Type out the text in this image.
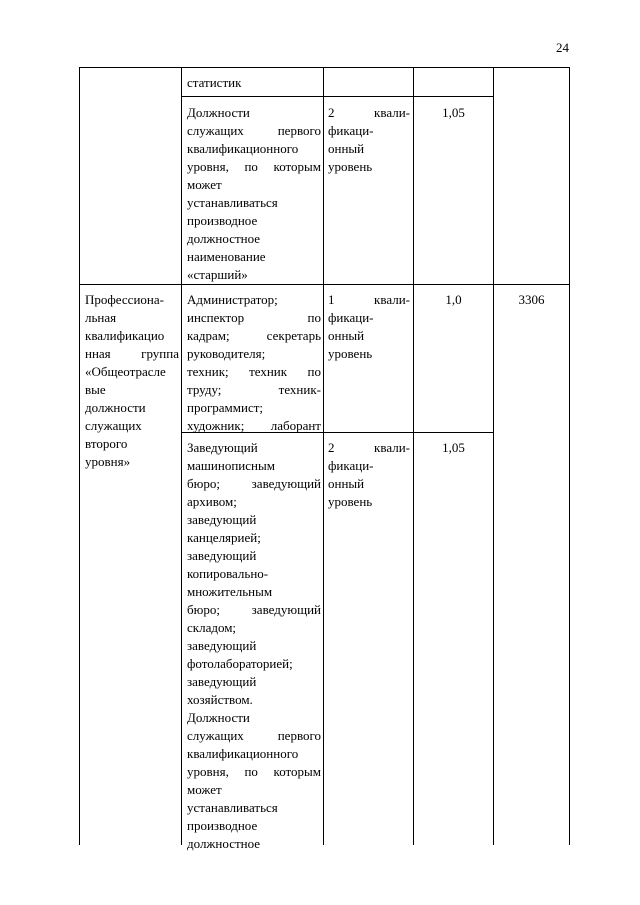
24
статистик
Должности
служащих первого
квалификационного
уровня, по которым
может
устанавливаться
производное
должностное
наименование
«старший»
2 квали-
фикаци-
онный
уровень
1,05
Профессиона-
льная
квалификацио
нная группа
«Общеотрасле
вые
должности
служащих
второго
уровня»
Администратор;
инспектор по
кадрам; секретарь
руководителя;
техник; техник по
труду; техник-
программист;
художник; лаборант
1 квали-
фикаци-
онный
уровень
1,0	3306
Заведующий
машинописным
бюро; заведующий
архивом;
заведующий
канцелярией;
заведующий
копировально-
множительным
бюро; заведующий
складом;
заведующий
фотолабораторией;
заведующий
хозяйством.
Должности
служащих первого
квалификационного
уровня, по которым
может
устанавливаться
производное
должностное
2 квали-
фикаци-
онный
уровень
1,05
